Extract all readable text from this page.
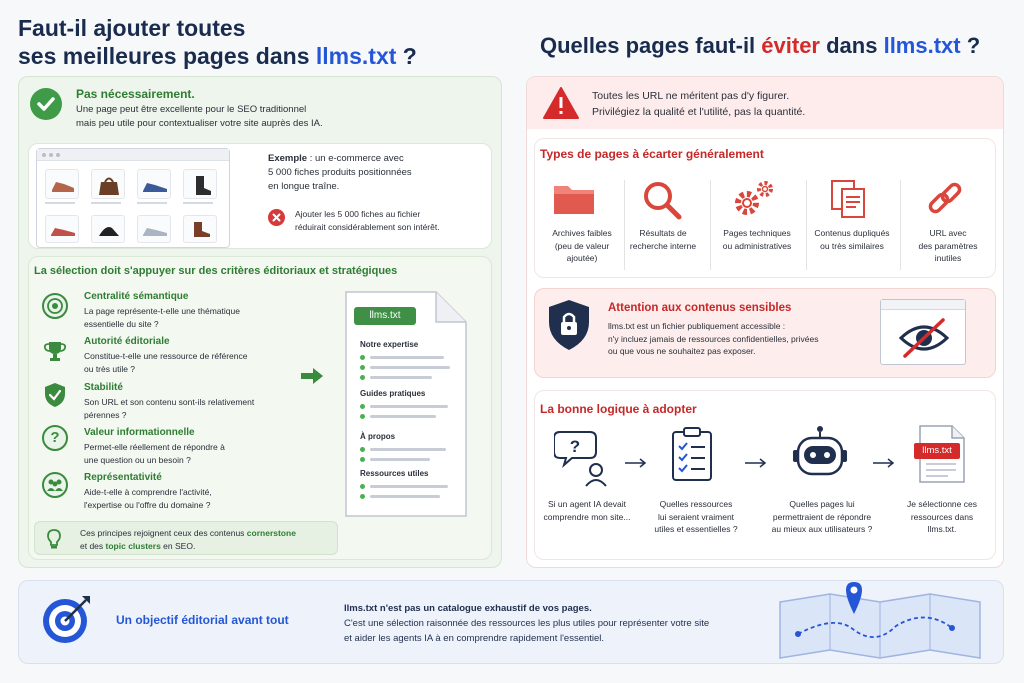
Faut-il ajouter toutes
ses meilleures pages dans llms.txt ?	Quelles pages faut-il éviter dans llms.txt ?
Pas nécessairement.
Une page peut être excellente pour le SEO traditionnel
mais peu utile pour contextualiser votre site auprès des IA.
Exemple : un e-commerce avec
5 000 fiches produits positionnées
en longue traîne.
Ajouter les 5 000 fiches au fichier
réduirait considérablement son intérêt.
La sélection doit s'appuyer sur des critères éditoriaux et stratégiques
Centralité sémantique
La page représente-t-elle une thématique
essentielle du site ?
Autorité éditoriale
Constitue-t-elle une ressource de référence
ou très utile ?
Stabilité
Son URL et son contenu sont-ils relativement
pérennes ?
?	Valeur informationnelle
Permet-elle réellement de répondre à
une question ou un besoin ?
Représentativité
Aide-t-elle à comprendre l'activité,
l'expertise ou l'offre du domaine ?
Ces principes rejoignent ceux des contenus cornerstone
et des topic clusters en SEO.
llms.txt
Notre expertise
Guides pratiques
À propos
Ressources utiles
Toutes les URL ne méritent pas d'y figurer.
Privilégiez la qualité et l'utilité, pas la quantité.
Types de pages à écarter généralement
Archives faibles
(peu de valeur
ajoutée)
Résultats de
recherche interne
Pages techniques
ou administratives
Contenus dupliqués
ou très similaires
URL avec
des paramètres
inutiles
Attention aux contenus sensibles
llms.txt est un fichier publiquement accessible :
n'y incluez jamais de ressources confidentielles, privées
ou que vous ne souhaitez pas exposer.
La bonne logique à adopter
?
Si un agent IA devait
comprendre mon site...
Quelles ressources
lui seraient vraiment
utiles et essentielles ?
Quelles pages lui
permettraient de répondre
au mieux aux utilisateurs ?
llms.txt
Je sélectionne ces
ressources dans
llms.txt.
Un objectif éditorial avant tout
llms.txt n'est pas un catalogue exhaustif de vos pages.
C'est une sélection raisonnée des ressources les plus utiles pour représenter votre site
et aider les agents IA à en comprendre rapidement l'essentiel.
